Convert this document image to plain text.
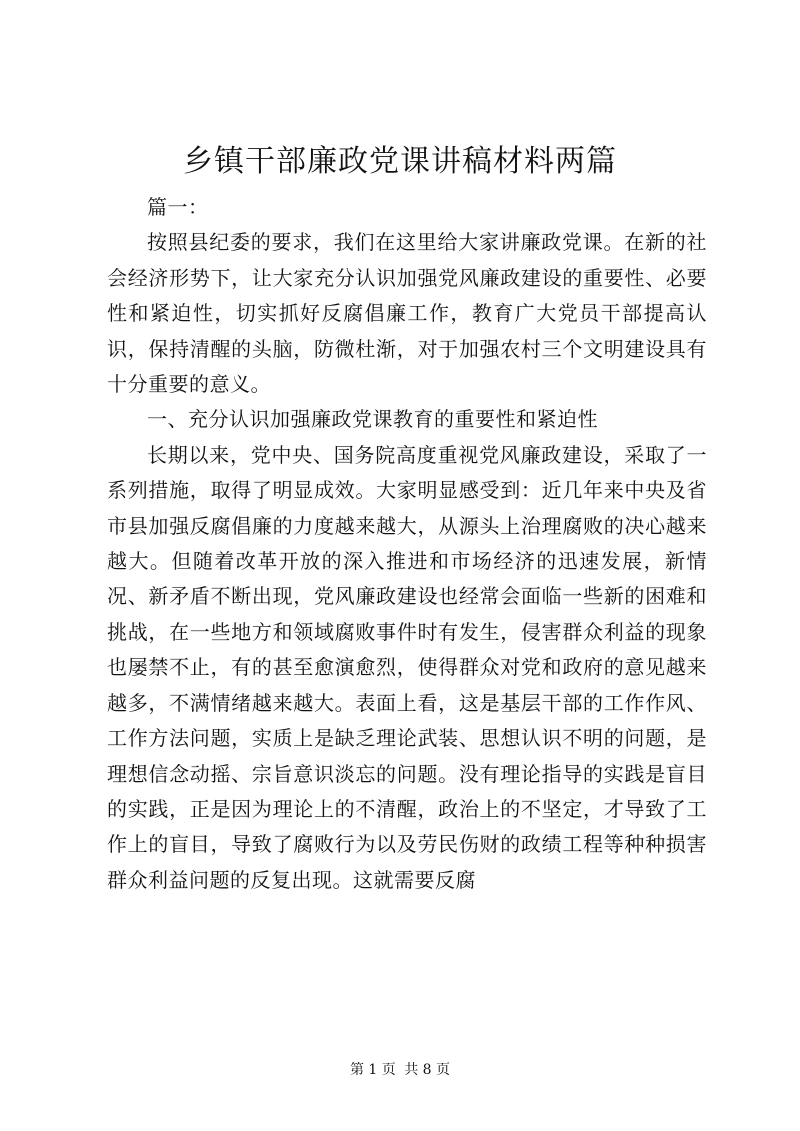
乡镇干部廉政党课讲稿材料两篇

篇一：

按照县纪委的要求，我们在这里给大家讲廉政党课。在新的社会经济形势下，让大家充分认识加强党风廉政建设的重要性、必要性和紧迫性，切实抓好反腐倡廉工作，教育广大党员干部提高认识，保持清醒的头脑，防微杜渐，对于加强农村三个文明建设具有十分重要的意义。

一、充分认识加强廉政党课教育的重要性和紧迫性

长期以来，党中央、国务院高度重视党风廉政建设，采取了一系列措施，取得了明显成效。大家明显感受到：近几年来中央及省市县加强反腐倡廉的力度越来越大，从源头上治理腐败的决心越来越大。但随着改革开放的深入推进和市场经济的迅速发展，新情况、新矛盾不断出现，党风廉政建设也经常会面临一些新的困难和挑战，在一些地方和领域腐败事件时有发生，侵害群众利益的现象也屡禁不止，有的甚至愈演愈烈，使得群众对党和政府的意见越来越多，不满情绪越来越大。表面上看，这是基层干部的工作作风、工作方法问题，实质上是缺乏理论武装、思想认识不明的问题，是理想信念动摇、宗旨意识淡忘的问题。没有理论指导的实践是盲目的实践，正是因为理论上的不清醒，政治上的不坚定，才导致了工作上的盲目，导致了腐败行为以及劳民伤财的政绩工程等种种损害群众利益问题的反复出现。这就需要反腐

第 1 页 共 8 页
